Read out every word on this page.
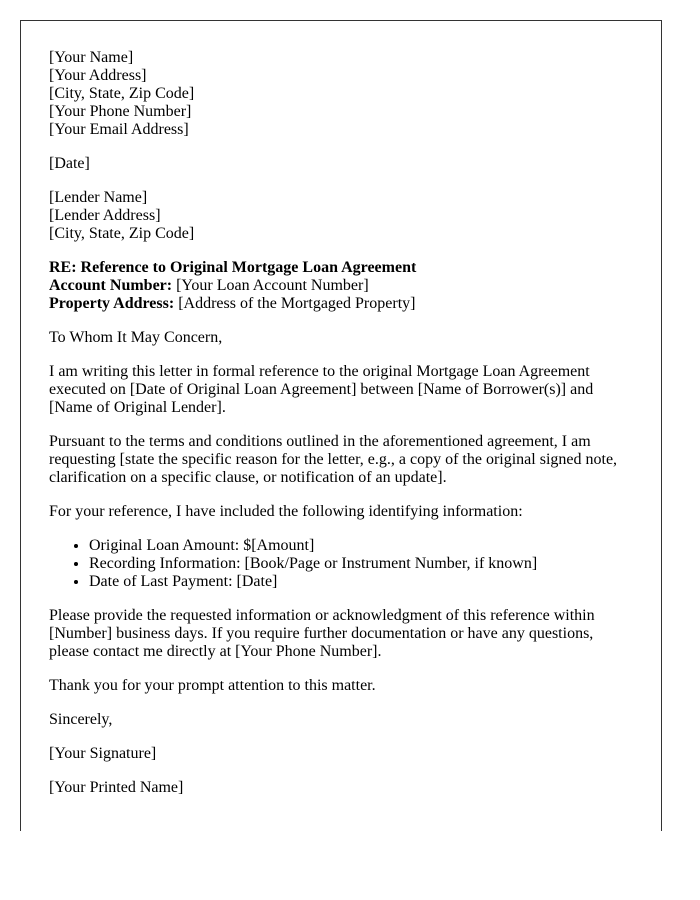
[Your Name]
[Your Address]
[City, State, Zip Code]
[Your Phone Number]
[Your Email Address]

[Date]

[Lender Name]
[Lender Address]
[City, State, Zip Code]

RE: Reference to Original Mortgage Loan Agreement
Account Number: [Your Loan Account Number]
Property Address: [Address of the Mortgaged Property]

To Whom It May Concern,

I am writing this letter in formal reference to the original Mortgage Loan Agreement executed on [Date of Original Loan Agreement] between [Name of Borrower(s)] and [Name of Original Lender].

Pursuant to the terms and conditions outlined in the aforementioned agreement, I am requesting [state the specific reason for the letter, e.g., a copy of the original signed note, clarification on a specific clause, or notification of an update].

For your reference, I have included the following identifying information:

• Original Loan Amount: $[Amount]
• Recording Information: [Book/Page or Instrument Number, if known]
• Date of Last Payment: [Date]

Please provide the requested information or acknowledgment of this reference within [Number] business days. If you require further documentation or have any questions, please contact me directly at [Your Phone Number].

Thank you for your prompt attention to this matter.

Sincerely,

[Your Signature]

[Your Printed Name]
